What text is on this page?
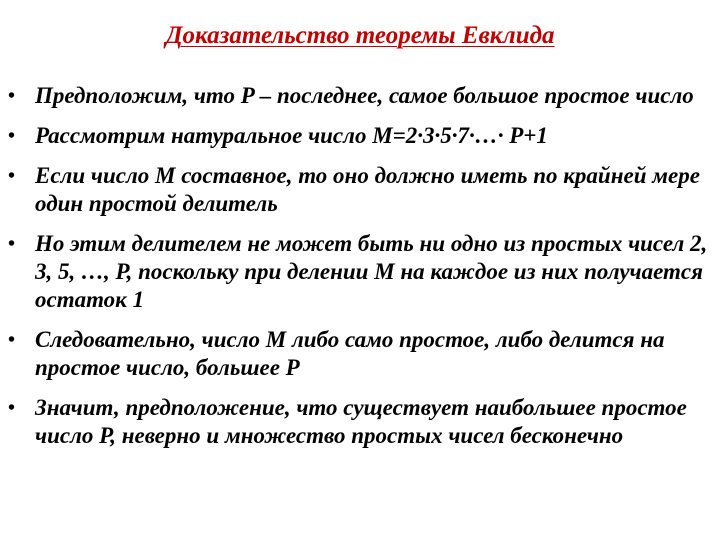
Доказательство теоремы Евклида
• Предположим, что P – последнее, самое большое простое число
• Рассмотрим натуральное число M=2·3·5·7·…· P+1
• Если число M составное, то оно должно иметь по крайней мере один простой делитель
• Но этим делителем не может быть ни одно из простых чисел 2, 3, 5, …, P, поскольку при делении M на каждое из них получается остаток 1
• Следовательно, число M либо само простое, либо делится на простое число, большее P
• Значит, предположение, что существует наибольшее простое число P, неверно и множество простых чисел бесконечно
